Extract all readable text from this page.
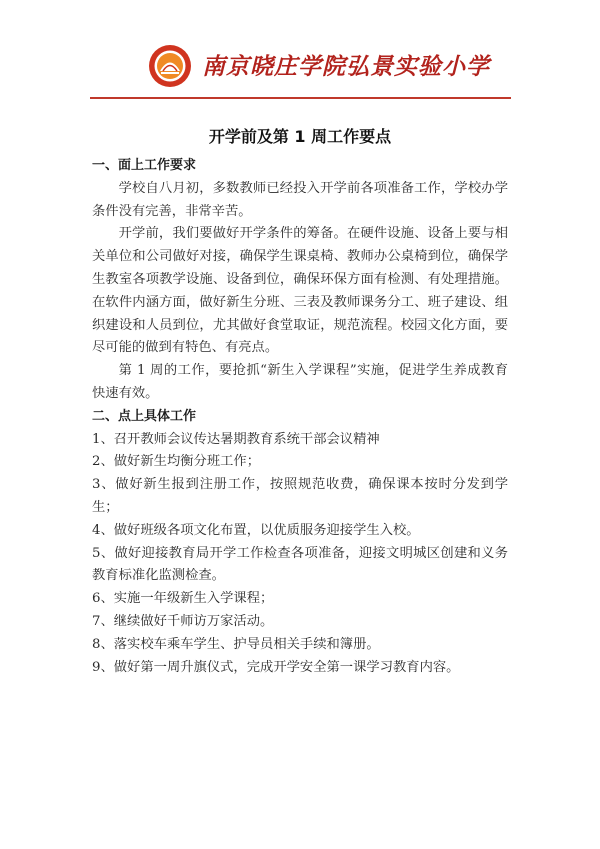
南京晓庄学院弘景实验小学
开学前及第 1 周工作要点

一、面上工作要求

学校自八月初，多数教师已经投入开学前各项准备工作，学校办学条件没有完善，非常辛苦。

开学前，我们要做好开学条件的筹备。在硬件设施、设备上要与相关单位和公司做好对接，确保学生课桌椅、教师办公桌椅到位，确保学生教室各项教学设施、设备到位，确保环保方面有检测、有处理措施。在软件内涵方面，做好新生分班、三表及教师课务分工、班子建设、组织建设和人员到位，尤其做好食堂取证，规范流程。校园文化方面，要尽可能的做到有特色、有亮点。

第 1 周的工作，要抢抓“新生入学课程”实施，促进学生养成教育快速有效。

二、点上具体工作

1、召开教师会议传达暑期教育系统干部会议精神
2、做好新生均衡分班工作；
3、做好新生报到注册工作，按照规范收费，确保课本按时分发到学生；
4、做好班级各项文化布置，以优质服务迎接学生入校。
5、做好迎接教育局开学工作检查各项准备，迎接文明城区创建和义务教育标准化监测检查。
6、实施一年级新生入学课程；
7、继续做好千师访万家活动。
8、落实校车乘车学生、护导员相关手续和簿册。
9、做好第一周升旗仪式，完成开学安全第一课学习教育内容。
